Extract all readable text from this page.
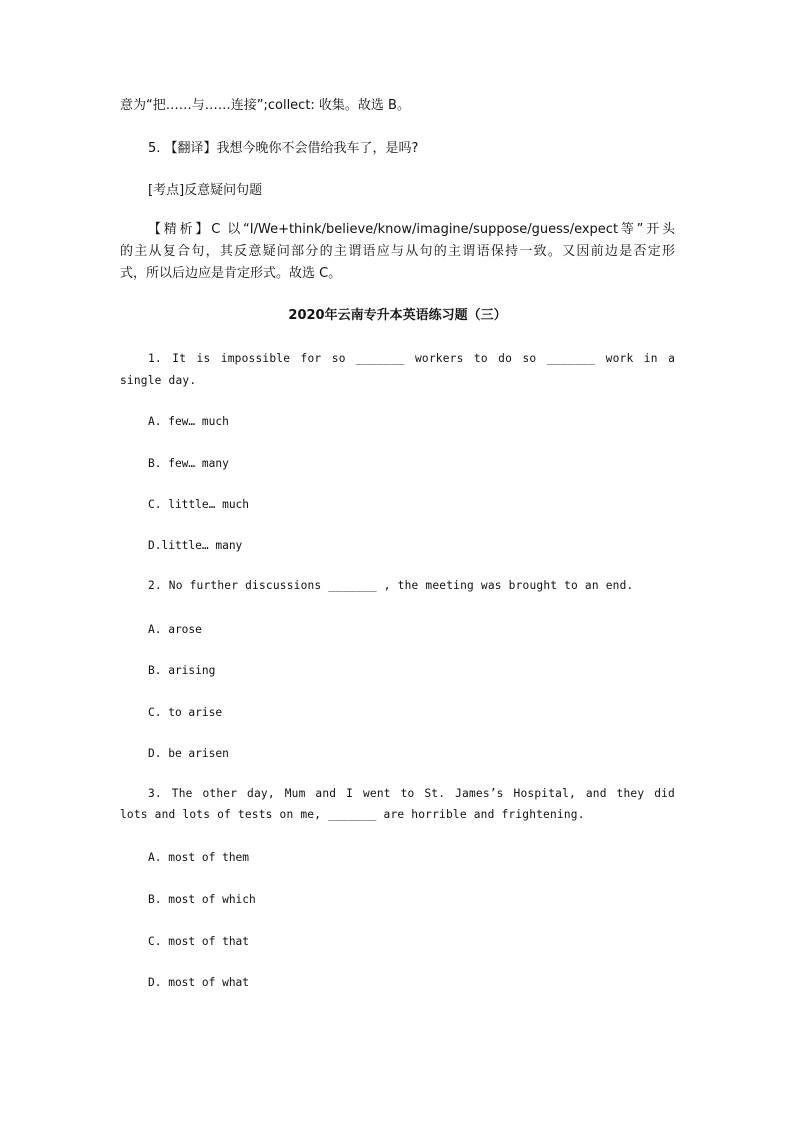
意为“把……与……连接”;collect: 收集。故选 B。
5. 【翻译】我想今晚你不会借给我车了，是吗?
[考点]反意疑问句题
【精析】C 以“I/We+think/believe/know/imagine/suppose/guess/expect等”开头
的主从复合句，其反意疑问部分的主谓语应与从句的主谓语保持一致。又因前边是否定形
式，所以后边应是肯定形式。故选 C。
2020年云南专升本英语练习题（三）
1. It is impossible for so _______ workers to do so _______ work in a
single day.
A. few… much
B. few… many
C. little… much
D.little… many
2. No further discussions _______ , the meeting was brought to an end.
A. arose
B. arising
C. to arise
D. be arisen
3. The other day, Mum and I went to St. James’s Hospital, and they did
lots and lots of tests on me, _______ are horrible and frightening.
A. most of them
B. most of which
C. most of that
D. most of what
